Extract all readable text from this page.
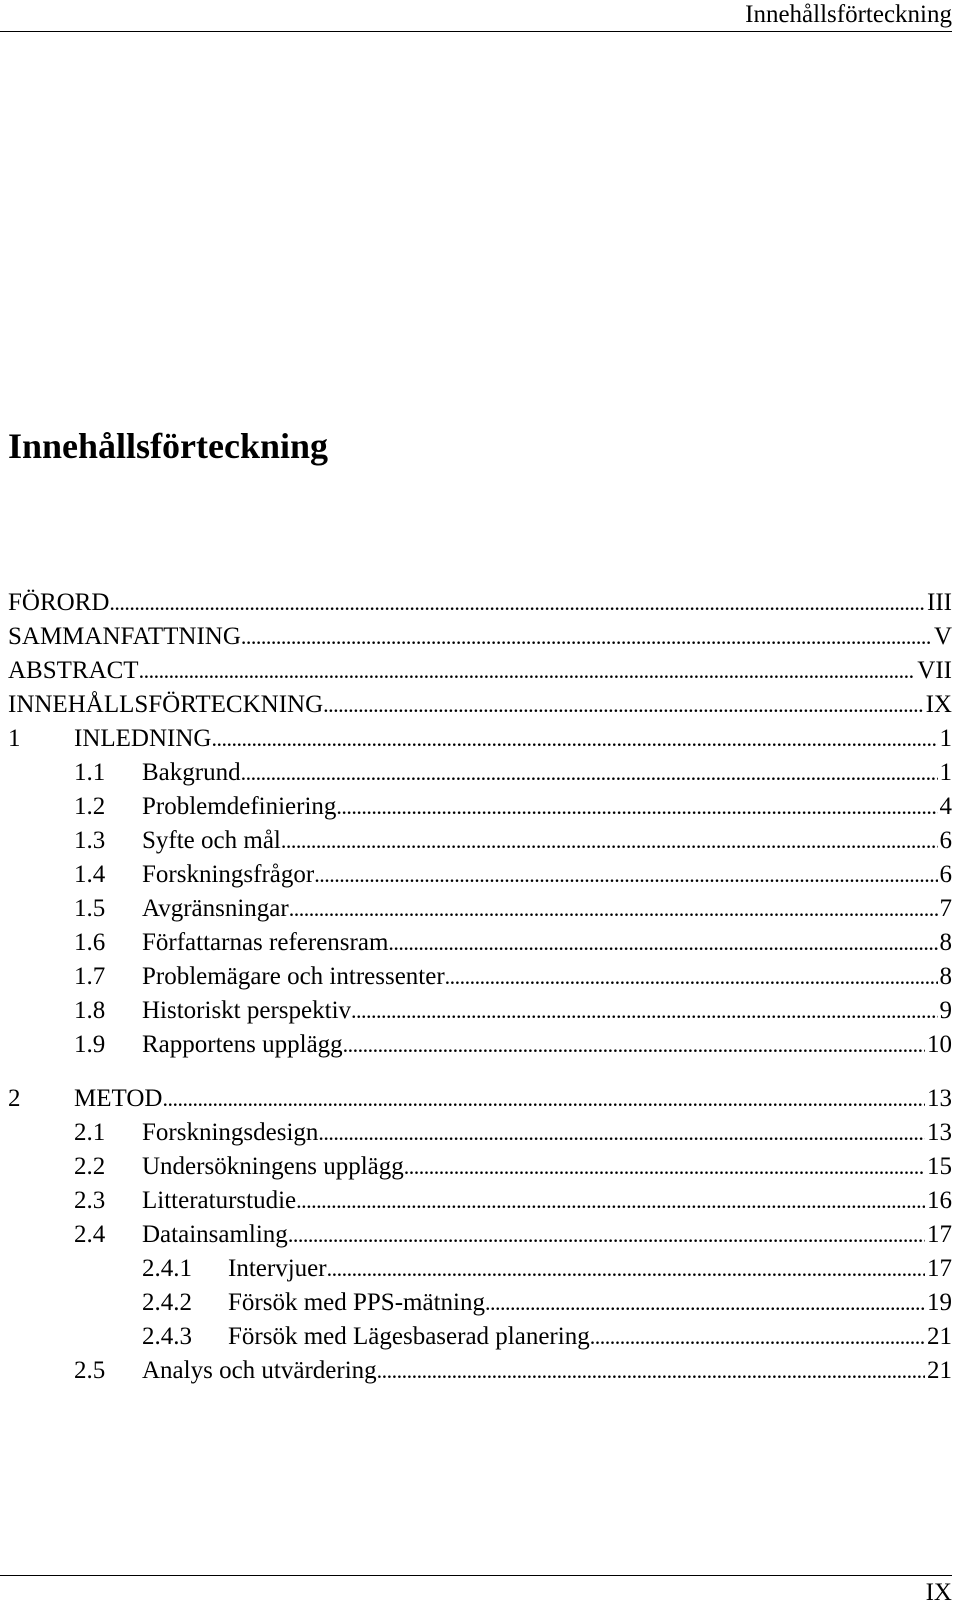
Innehållsförteckning
Innehållsförteckning
FÖRORD . . .	III
SAMMANFATTNING . . .	V
ABSTRACT . . .	VII
INNEHÅLLSFÖRTECKNING . . .	IX
1 INLEDNING . . .	1
1.1 Bakgrund . . .	1
1.2 Problemdefiniering . . .	4
1.3 Syfte och mål . . .	6
1.4 Forskningsfrågor . . .	6
1.5 Avgränsningar . . .	7
1.6 Författarnas referensram . . .	8
1.7 Problemägare och intressenter . . .	8
1.8 Historiskt perspektiv . . .	9
1.9 Rapportens upplägg . . .	10
2 METOD . . .	13
2.1 Forskningsdesign . . .	13
2.2 Undersökningens upplägg . . .	15
2.3 Litteraturstudie . . .	16
2.4 Datainsamling . . .	17
2.4.1 Intervjuer . . .	17
2.4.2 Försök med PPS-mätning . . .	19
2.4.3 Försök med Lägesbaserad planering . . .	21
2.5 Analys och utvärdering . . .	21
IX
